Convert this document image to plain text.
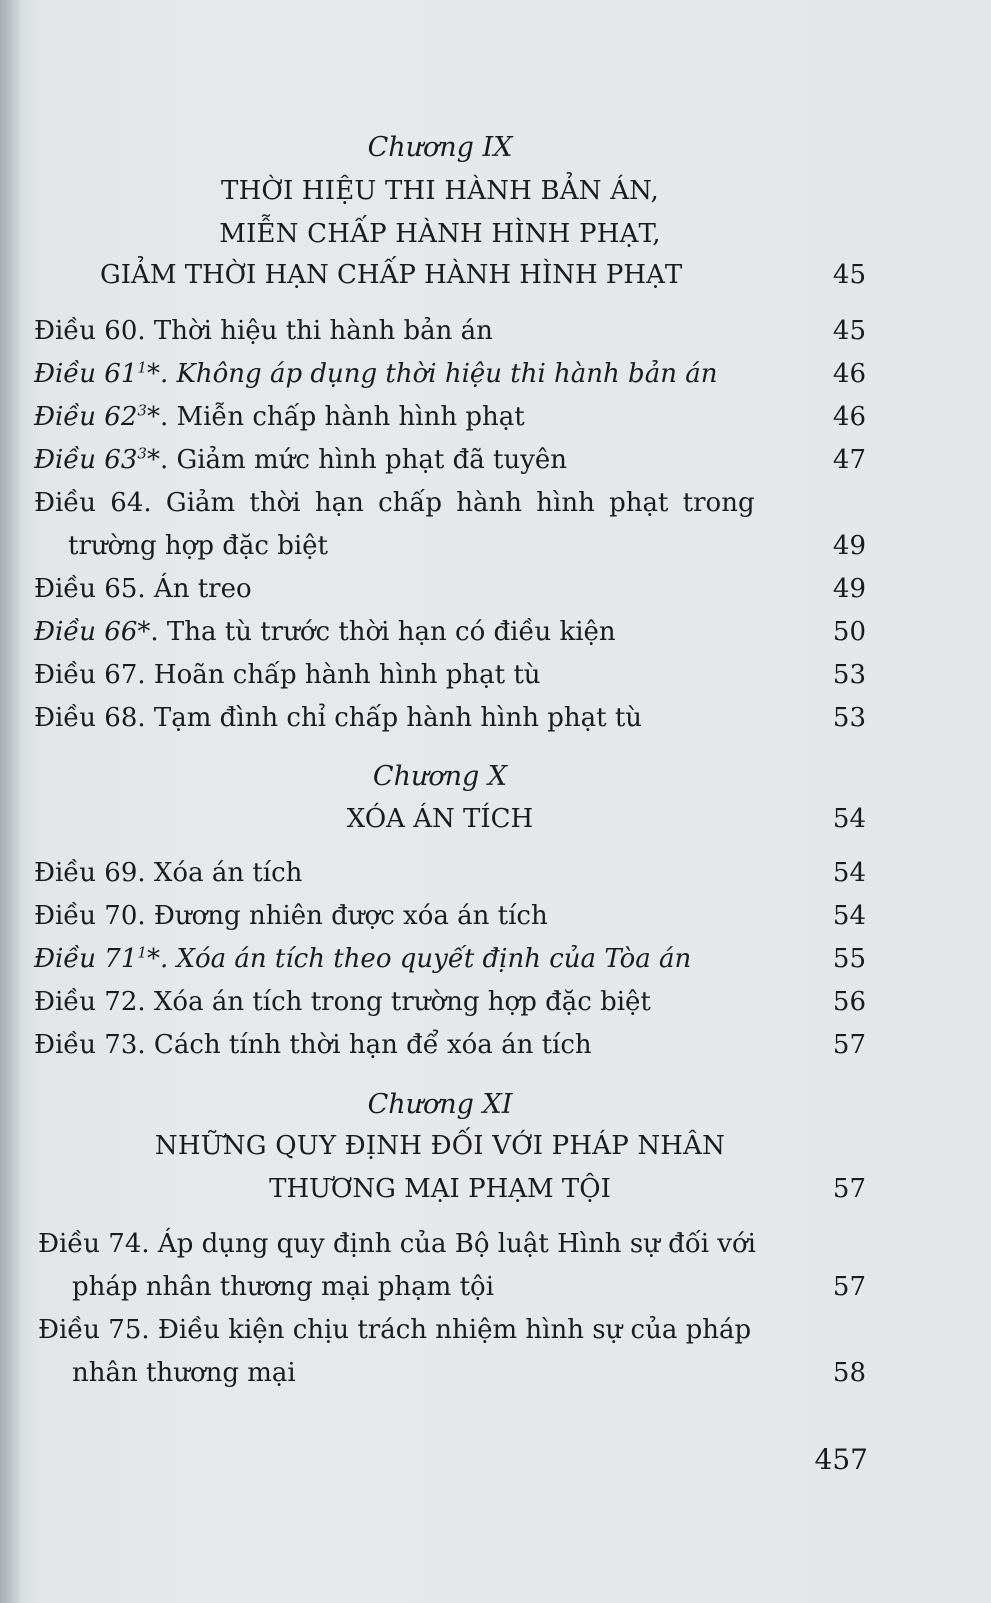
Chương IX
THỜI HIỆU THI HÀNH BẢN ÁN,
MIỄN CHẤP HÀNH HÌNH PHẠT,
GIẢM THỜI HẠN CHẤP HÀNH HÌNH PHẠT	45
Điều 60. Thời hiệu thi hành bản án	45
Điều $61^1*$. Không áp dụng thời hiệu thi hành bản án	46
Điều $62^3*$. Miễn chấp hành hình phạt	46
Điều $63^3*$. Giảm mức hình phạt đã tuyên	47
Điều 64. Giảm thời hạn chấp hành hình phạt trong
trường hợp đặc biệt	49
Điều 65. Án treo	49
Điều 66*. Tha tù trước thời hạn có điều kiện	50
Điều 67. Hoãn chấp hành hình phạt tù	53
Điều 68. Tạm đình chỉ chấp hành hình phạt tù	53
Chương X
XÓA ÁN TÍCH	54
Điều 69. Xóa án tích	54
Điều 70. Đương nhiên được xóa án tích	54
Điều $71^1*$. Xóa án tích theo quyết định của Tòa án	55
Điều 72. Xóa án tích trong trường hợp đặc biệt	56
Điều 73. Cách tính thời hạn để xóa án tích	57
Chương XI
NHỮNG QUY ĐỊNH ĐỐI VỚI PHÁP NHÂN
THƯƠNG MẠI PHẠM TỘI	57
Điều 74. Áp dụng quy định của Bộ luật Hình sự đối với
pháp nhân thương mại phạm tội	57
Điều 75. Điều kiện chịu trách nhiệm hình sự của pháp
nhân thương mại	58
457
